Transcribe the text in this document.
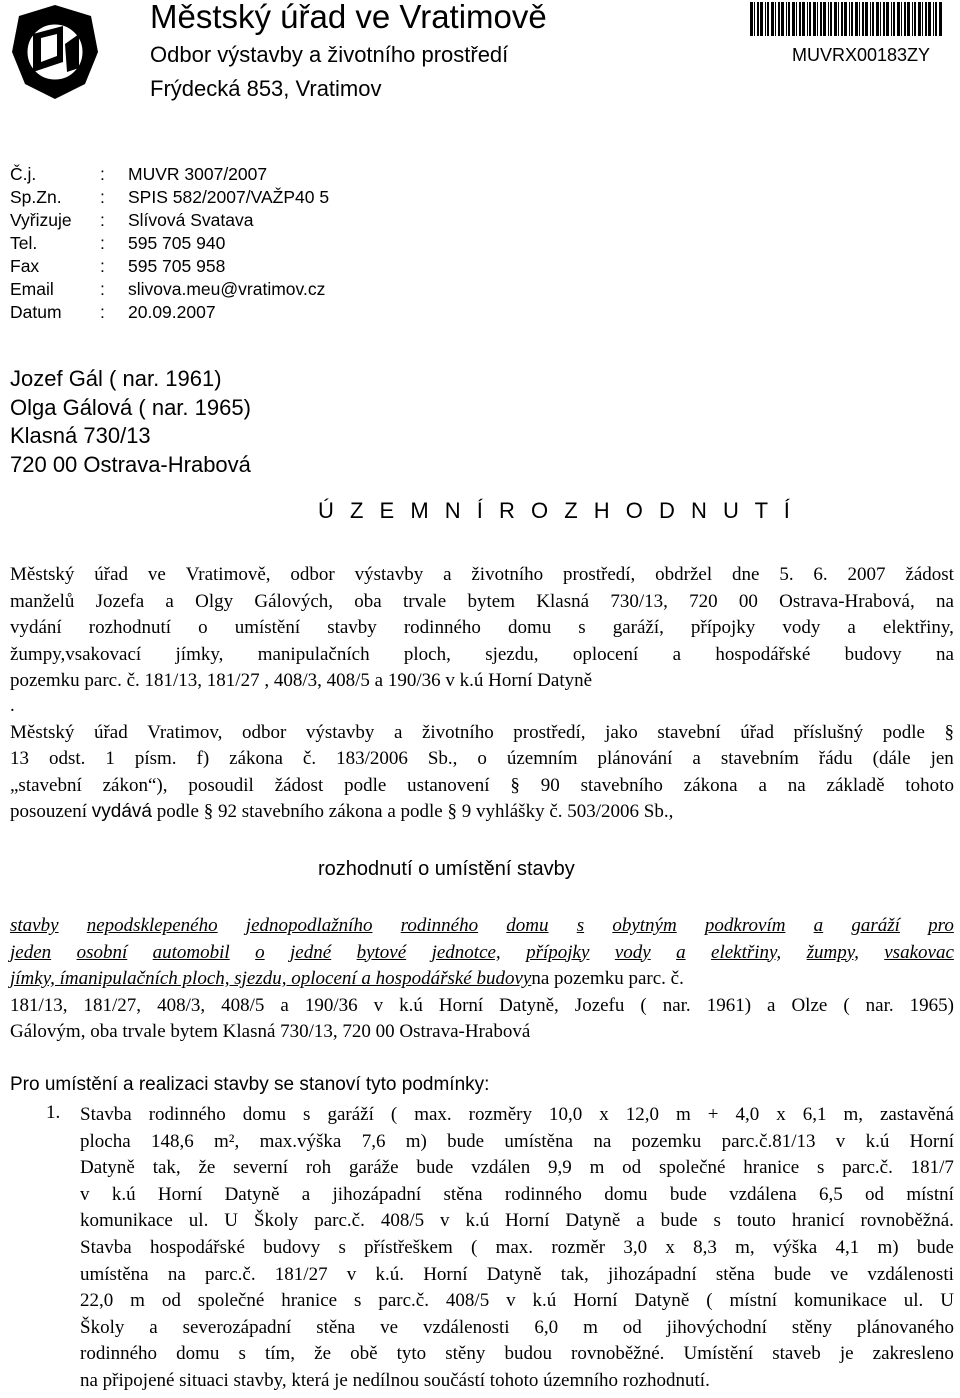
Městský úřad ve Vratimově
Odbor výstavby a životního prostředí
Frýdecká 853, Vratimov
MUVRX00183ZY
Č.j.	:	MUVR 3007/2007
Sp.Zn.	:	SPIS 582/2007/VAŽP40 5
Vyřizuje	:	Slívová Svatava
Tel.	:	595 705 940
Fax	:	595 705 958
Email	:	slivova.meu@vratimov.cz
Datum	:	20.09.2007
Jozef Gál ( nar. 1961)
Olga Gálová ( nar. 1965)
Klasná 730/13
720 00 Ostrava-Hrabová
Ú Z E M N Í R O Z H O D N U T Í
Městský úřad ve Vratimově, odbor výstavby a životního prostředí, obdržel dne 5. 6. 2007 žádost
manželů Jozefa a Olgy Gálových, oba trvale bytem Klasná 730/13, 720 00 Ostrava-Hrabová, na
vydání rozhodnutí o umístění stavby rodinného domu s garáží, přípojky vody a elektřiny,
žumpy,vsakovací jímky, manipulačních ploch, sjezdu, oplocení a hospodářské budovy na
pozemku parc. č. 181/13, 181/27 , 408/3, 408/5 a 190/36 v k.ú Horní Datyně
.
Městský úřad Vratimov, odbor výstavby a životního prostředí, jako stavební úřad příslušný podle §
13 odst. 1 písm. f) zákona č. 183/2006 Sb., o územním plánování a stavebním řádu (dále jen
„stavební zákon“), posoudil žádost podle ustanovení § 90 stavebního zákona a na základě tohoto
posouzení vydává podle § 92 stavebního zákona a podle § 9 vyhlášky č. 503/2006 Sb.,
rozhodnutí o umístění stavby
stavby nepodsklepeného jednopodlažního rodinného domu s obytným podkrovím a garáží pro
jeden osobní automobil o jedné bytové jednotce, přípojky vody a elektřiny, žumpy, vsakovac
jímky, ímanipulačních ploch, sjezdu, oplocení a hospodářské budovyna pozemku parc. č.
181/13, 181/27, 408/3, 408/5 a 190/36 v k.ú Horní Datyně, Jozefu ( nar. 1961) a Olze ( nar. 1965)
Gálovým, oba trvale bytem Klasná 730/13, 720 00 Ostrava-Hrabová
Pro umístění a realizaci stavby se stanoví tyto podmínky:
1. Stavba rodinného domu s garáží ( max. rozměry 10,0 x 12,0 m + 4,0 x 6,1 m, zastavěná
plocha 148,6 m², max.výška 7,6 m) bude umístěna na pozemku parc.č.81/13 v k.ú Horní
Datyně tak, že severní roh garáže bude vzdálen 9,9 m od společné hranice s parc.č. 181/7
v k.ú Horní Datyně a jihozápadní stěna rodinného domu bude vzdálena 6,5 od místní
komunikace ul. U Školy parc.č. 408/5 v k.ú Horní Datyně a bude s touto hranicí rovnoběžná.
Stavba hospodářské budovy s přístřeškem ( max. rozměr 3,0 x 8,3 m, výška 4,1 m) bude
umístěna na parc.č. 181/27 v k.ú. Horní Datyně tak, jihozápadní stěna bude ve vzdálenosti
22,0 m od společné hranice s parc.č. 408/5 v k.ú Horní Datyně ( místní komunikace ul. U
Školy a severozápadní stěna ve vzdálenosti 6,0 m od jihovýchodní stěny plánovaného
rodinného domu s tím, že obě tyto stěny budou rovnoběžné. Umístění staveb je zakresleno
na připojené situaci stavby, která je nedílnou součástí tohoto územního rozhodnutí.
